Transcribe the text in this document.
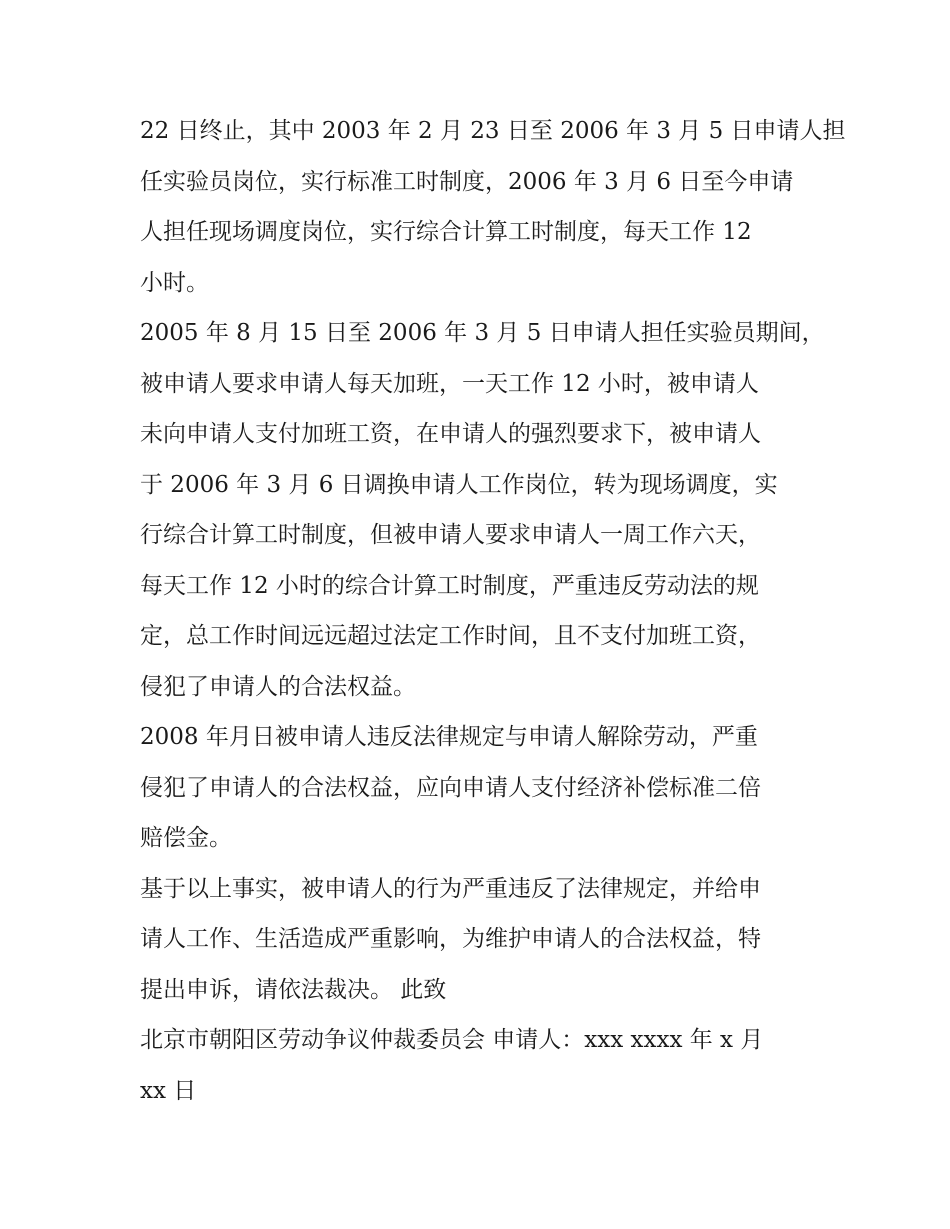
22 日终止，其中 2003 年 2 月 23 日至 2006 年 3 月 5 日申请人担
任实验员岗位，实行标准工时制度，2006 年 3 月 6 日至今申请
人担任现场调度岗位，实行综合计算工时制度，每天工作 12
小时。
2005 年 8 月 15 日至 2006 年 3 月 5 日申请人担任实验员期间，
被申请人要求申请人每天加班，一天工作 12 小时，被申请人
未向申请人支付加班工资，在申请人的强烈要求下，被申请人
于 2006 年 3 月 6 日调换申请人工作岗位，转为现场调度，实
行综合计算工时制度，但被申请人要求申请人一周工作六天，
每天工作 12 小时的综合计算工时制度，严重违反劳动法的规
定，总工作时间远远超过法定工作时间，且不支付加班工资，
侵犯了申请人的合法权益。
2008 年月日被申请人违反法律规定与申请人解除劳动，严重
侵犯了申请人的合法权益，应向申请人支付经济补偿标准二倍
赔偿金。
基于以上事实，被申请人的行为严重违反了法律规定，并给申
请人工作、生活造成严重影响，为维护申请人的合法权益，特
提出申诉，请依法裁决。 此致
北京市朝阳区劳动争议仲裁委员会 申请人：xxx xxxx 年 x 月
xx 日
